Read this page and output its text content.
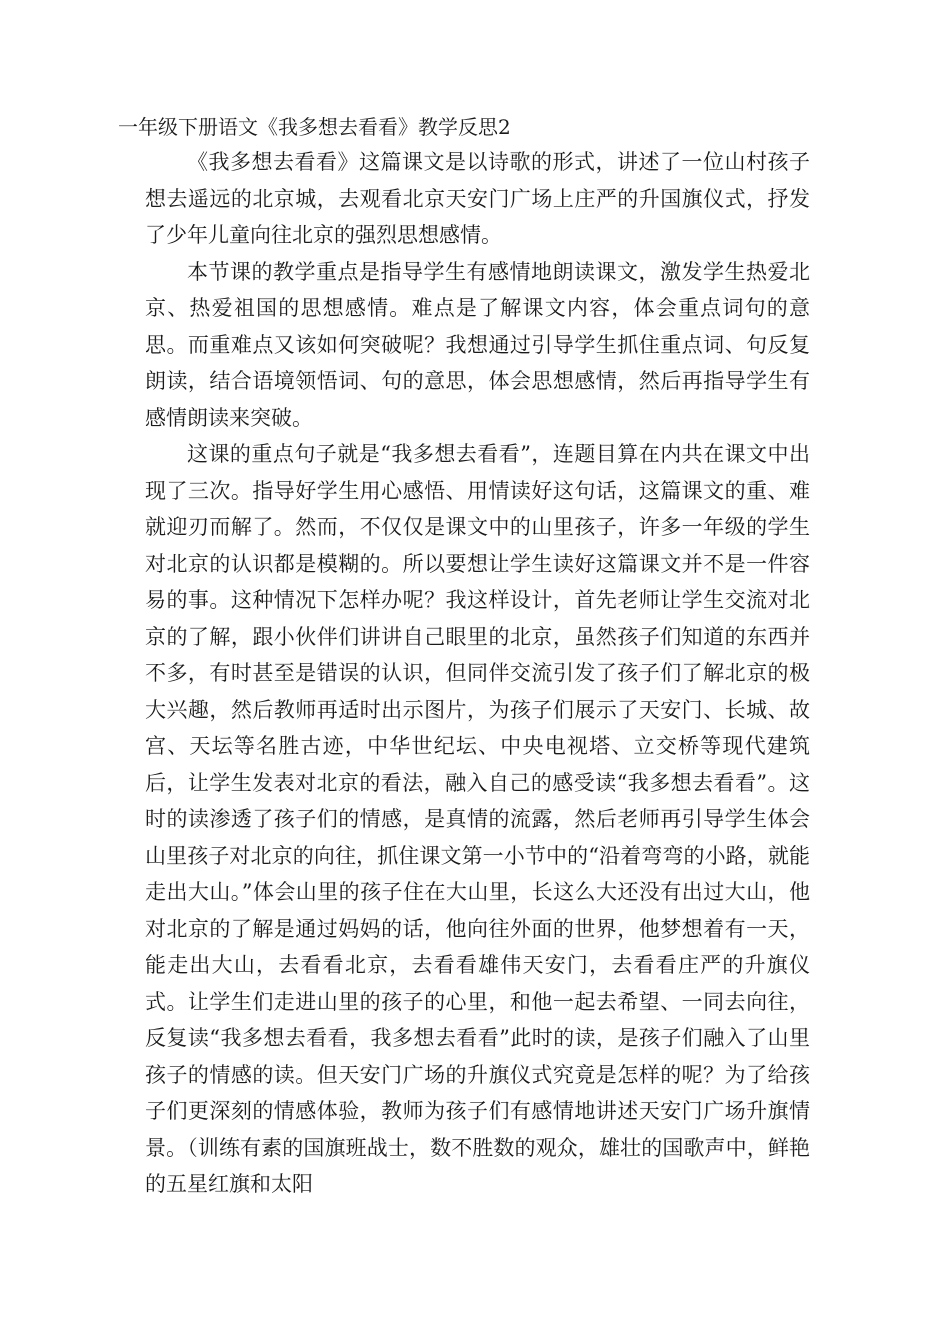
一年级下册语文《我多想去看看》教学反思2

《我多想去看看》这篇课文是以诗歌的形式，讲述了一位山村孩子想去遥远的北京城，去观看北京天安门广场上庄严的升国旗仪式，抒发了少年儿童向往北京的强烈思想感情。

本节课的教学重点是指导学生有感情地朗读课文，激发学生热爱北京、热爱祖国的思想感情。难点是了解课文内容，体会重点词句的意思。而重难点又该如何突破呢？我想通过引导学生抓住重点词、句反复朗读，结合语境领悟词、句的意思，体会思想感情，然后再指导学生有感情朗读来突破。

这课的重点句子就是“我多想去看看”，连题目算在内共在课文中出现了三次。指导好学生用心感悟、用情读好这句话，这篇课文的重、难就迎刃而解了。然而，不仅仅是课文中的山里孩子，许多一年级的学生对北京的认识都是模糊的。所以要想让学生读好这篇课文并不是一件容易的事。这种情况下怎样办呢？我这样设计，首先老师让学生交流对北京的了解，跟小伙伴们讲讲自己眼里的北京，虽然孩子们知道的东西并不多，有时甚至是错误的认识，但同伴交流引发了孩子们了解北京的极大兴趣，然后教师再适时出示图片，为孩子们展示了天安门、长城、故宫、天坛等名胜古迹，中华世纪坛、中央电视塔、立交桥等现代建筑后，让学生发表对北京的看法，融入自己的感受读“我多想去看看”。这时的读渗透了孩子们的情感，是真情的流露，然后老师再引导学生体会山里孩子对北京的向往，抓住课文第一小节中的“沿着弯弯的小路，就能走出大山。”体会山里的孩子住在大山里，长这么大还没有出过大山，他对北京的了解是通过妈妈的话，他向往外面的世界，他梦想着有一天，能走出大山，去看看北京，去看看雄伟天安门，去看看庄严的升旗仪式。让学生们走进山里的孩子的心里，和他一起去希望、一同去向往，反复读“我多想去看看，我多想去看看”此时的读，是孩子们融入了山里孩子的情感的读。但天安门广场的升旗仪式究竟是怎样的呢？为了给孩子们更深刻的情感体验，教师为孩子们有感情地讲述天安门广场升旗情景。（训练有素的国旗班战士，数不胜数的观众，雄壮的国歌声中，鲜艳的五星红旗和太阳
